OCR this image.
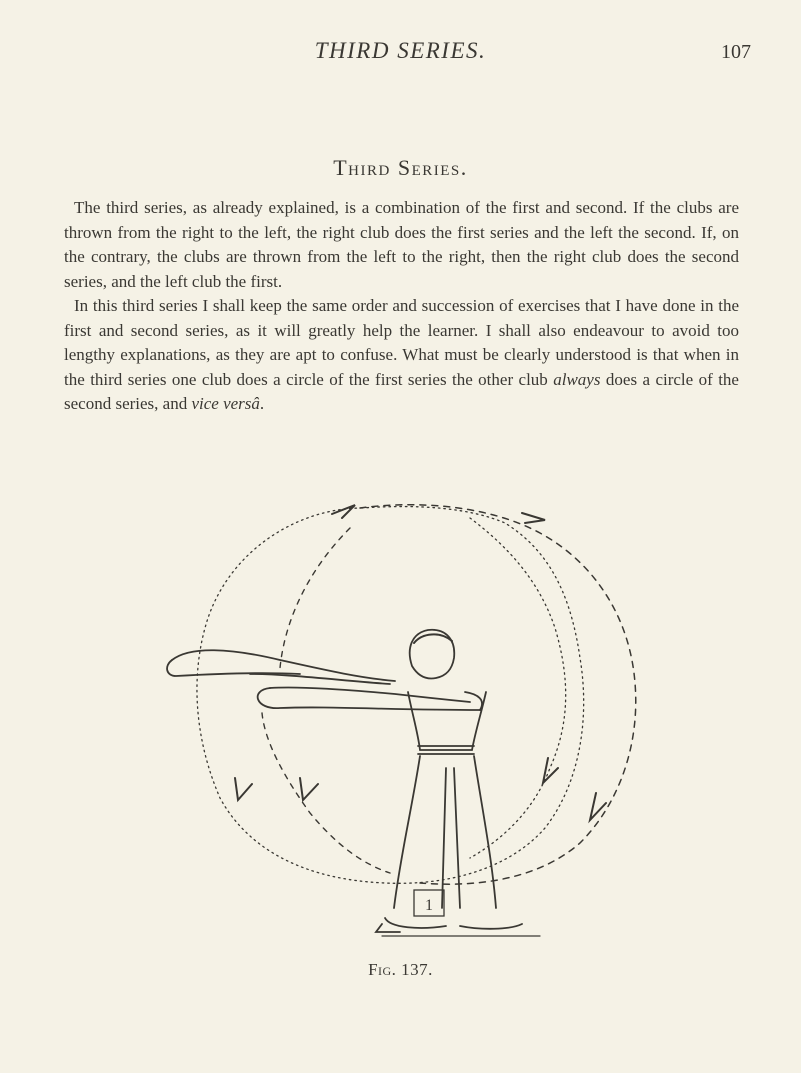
THIRD SERIES.	107
Third Series.

The third series, as already explained, is a combination of the first and second. If the clubs are thrown from the right to the left, the right club does the first series and the left the second. If, on the contrary, the clubs are thrown from the left to the right, then the right club does the second series, and the left club the first.

In this third series I shall keep the same order and succession of exercises that I have done in the first and second series, as it will greatly help the learner. I shall also endeavour to avoid too lengthy explanations, as they are apt to confuse. What must be clearly understood is that when in the third series one club does a circle of the first series the other club always does a circle of the second series, and vice versâ.

1
Fig. 137.
